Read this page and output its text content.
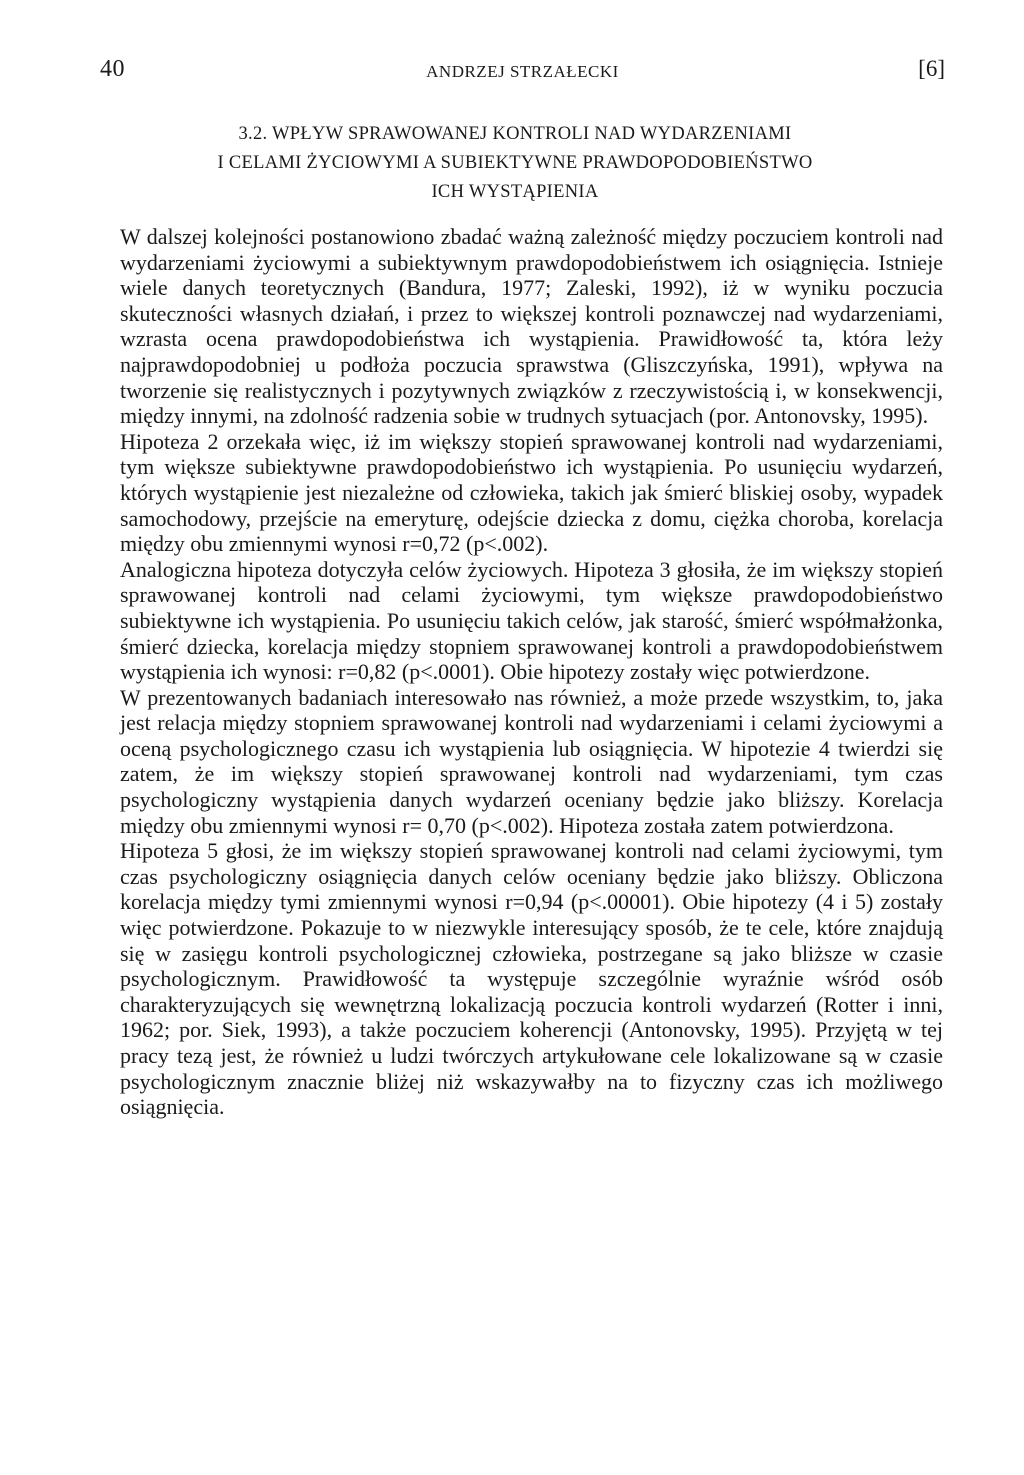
40	ANDRZEJ STRZAŁECKI	[6]
3.2. WPŁYW SPRAWOWANEJ KONTROLI NAD WYDARZENIAMI
I CELAMI ŻYCIOWYMI A SUBIEKTYWNE PRAWDOPODOBIEŃSTWO
ICH WYSTĄPIENIA

W dalszej kolejności postanowiono zbadać ważną zależność między poczuciem kontroli nad wydarzeniami życiowymi a subiektywnym prawdopodobieństwem ich osiągnięcia. Istnieje wiele danych teoretycznych (Bandura, 1977; Zaleski, 1992), iż w wyniku poczucia skuteczności własnych działań, i przez to większej kontroli poznawczej nad wydarzeniami, wzrasta ocena prawdopodobieństwa ich wystąpienia. Prawidłowość ta, która leży najprawdopodobniej u podłoża poczucia sprawstwa (Gliszczyńska, 1991), wpływa na tworzenie się realistycznych i pozytywnych związków z rzeczywistością i, w konsekwencji, między innymi, na zdolność radzenia sobie w trudnych sytuacjach (por. Antonovsky, 1995).

Hipoteza 2 orzekała więc, iż im większy stopień sprawowanej kontroli nad wydarzeniami, tym większe subiektywne prawdopodobieństwo ich wystąpienia. Po usunięciu wydarzeń, których wystąpienie jest niezależne od człowieka, takich jak śmierć bliskiej osoby, wypadek samochodowy, przejście na emeryturę, odejście dziecka z domu, ciężka choroba, korelacja między obu zmiennymi wynosi r=0,72 (p<.002).

Analogiczna hipoteza dotyczyła celów życiowych. Hipoteza 3 głosiła, że im większy stopień sprawowanej kontroli nad celami życiowymi, tym większe prawdopodobieństwo subiektywne ich wystąpienia. Po usunięciu takich celów, jak starość, śmierć współmałżonka, śmierć dziecka, korelacja między stopniem sprawowanej kontroli a prawdopodobieństwem wystąpienia ich wynosi: r=0,82 (p<.0001). Obie hipotezy zostały więc potwierdzone.

W prezentowanych badaniach interesowało nas również, a może przede wszystkim, to, jaka jest relacja między stopniem sprawowanej kontroli nad wydarzeniami i celami życiowymi a oceną psychologicznego czasu ich wystąpienia lub osiągnięcia. W hipotezie 4 twierdzi się zatem, że im większy stopień sprawowanej kontroli nad wydarzeniami, tym czas psychologiczny wystąpienia danych wydarzeń oceniany będzie jako bliższy. Korelacja między obu zmiennymi wynosi r= 0,70 (p<.002). Hipoteza została zatem potwierdzona.

Hipoteza 5 głosi, że im większy stopień sprawowanej kontroli nad celami życiowymi, tym czas psychologiczny osiągnięcia danych celów oceniany będzie jako bliższy. Obliczona korelacja między tymi zmiennymi wynosi r=0,94 (p<.00001). Obie hipotezy (4 i 5) zostały więc potwierdzone. Pokazuje to w niezwykle interesujący sposób, że te cele, które znajdują się w zasięgu kontroli psychologicznej człowieka, postrzegane są jako bliższe w czasie psychologicznym. Prawidłowość ta występuje szczególnie wyraźnie wśród osób charakteryzujących się wewnętrzną lokalizacją poczucia kontroli wydarzeń (Rotter i inni, 1962; por. Siek, 1993), a także poczuciem koherencji (Antonovsky, 1995). Przyjętą w tej pracy tezą jest, że również u ludzi twórczych artykułowane cele lokalizowane są w czasie psychologicznym znacznie bliżej niż wskazywałby na to fizyczny czas ich możliwego osiągnięcia.
